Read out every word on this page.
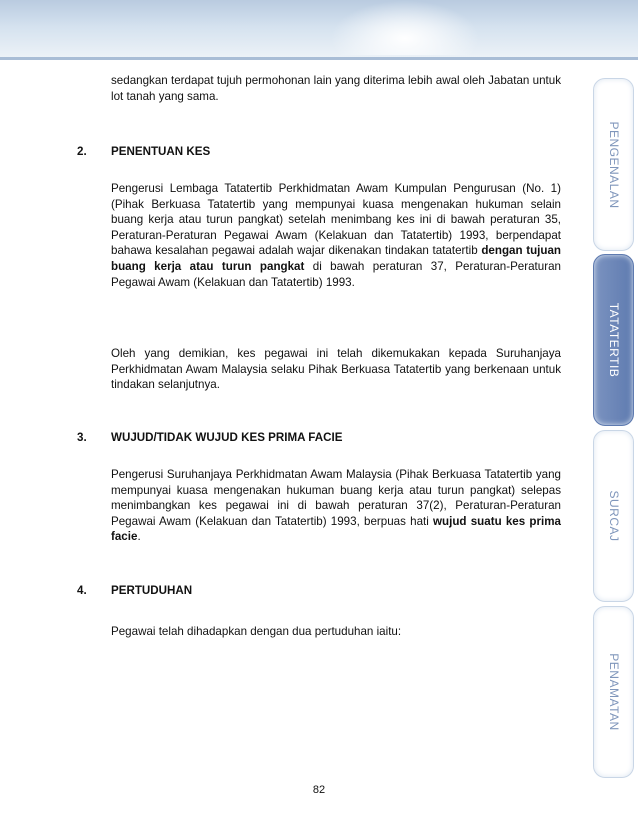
sedangkan terdapat tujuh permohonan lain yang diterima lebih awal oleh Jabatan untuk lot tanah yang sama.

2. PENENTUAN KES

Pengerusi Lembaga Tatatertib Perkhidmatan Awam Kumpulan Pengurusan (No. 1) (Pihak Berkuasa Tatatertib yang mempunyai kuasa mengenakan hukuman selain buang kerja atau turun pangkat) setelah menimbang kes ini di bawah peraturan 35, Peraturan-Peraturan Pegawai Awam (Kelakuan dan Tatatertib) 1993, berpendapat bahawa kesalahan pegawai adalah wajar dikenakan tindakan tatatertib dengan tujuan buang kerja atau turun pangkat di bawah peraturan 37, Peraturan-Peraturan Pegawai Awam (Kelakuan dan Tatatertib) 1993.

Oleh yang demikian, kes pegawai ini telah dikemukakan kepada Suruhanjaya Perkhidmatan Awam Malaysia selaku Pihak Berkuasa Tatatertib yang berkenaan untuk tindakan selanjutnya.

3. WUJUD/TIDAK WUJUD KES PRIMA FACIE

Pengerusi Suruhanjaya Perkhidmatan Awam Malaysia (Pihak Berkuasa Tatatertib yang mempunyai kuasa mengenakan hukuman buang kerja atau turun pangkat) selepas menimbangkan kes pegawai ini di bawah peraturan 37(2), Peraturan-Peraturan Pegawai Awam (Kelakuan dan Tatatertib) 1993, berpuas hati wujud suatu kes prima facie.

4. PERTUDUHAN

Pegawai telah dihadapkan dengan dua pertuduhan iaitu:

PENGENALAN
TATATERTIB
SURCAJ
PENAMATAN
82
